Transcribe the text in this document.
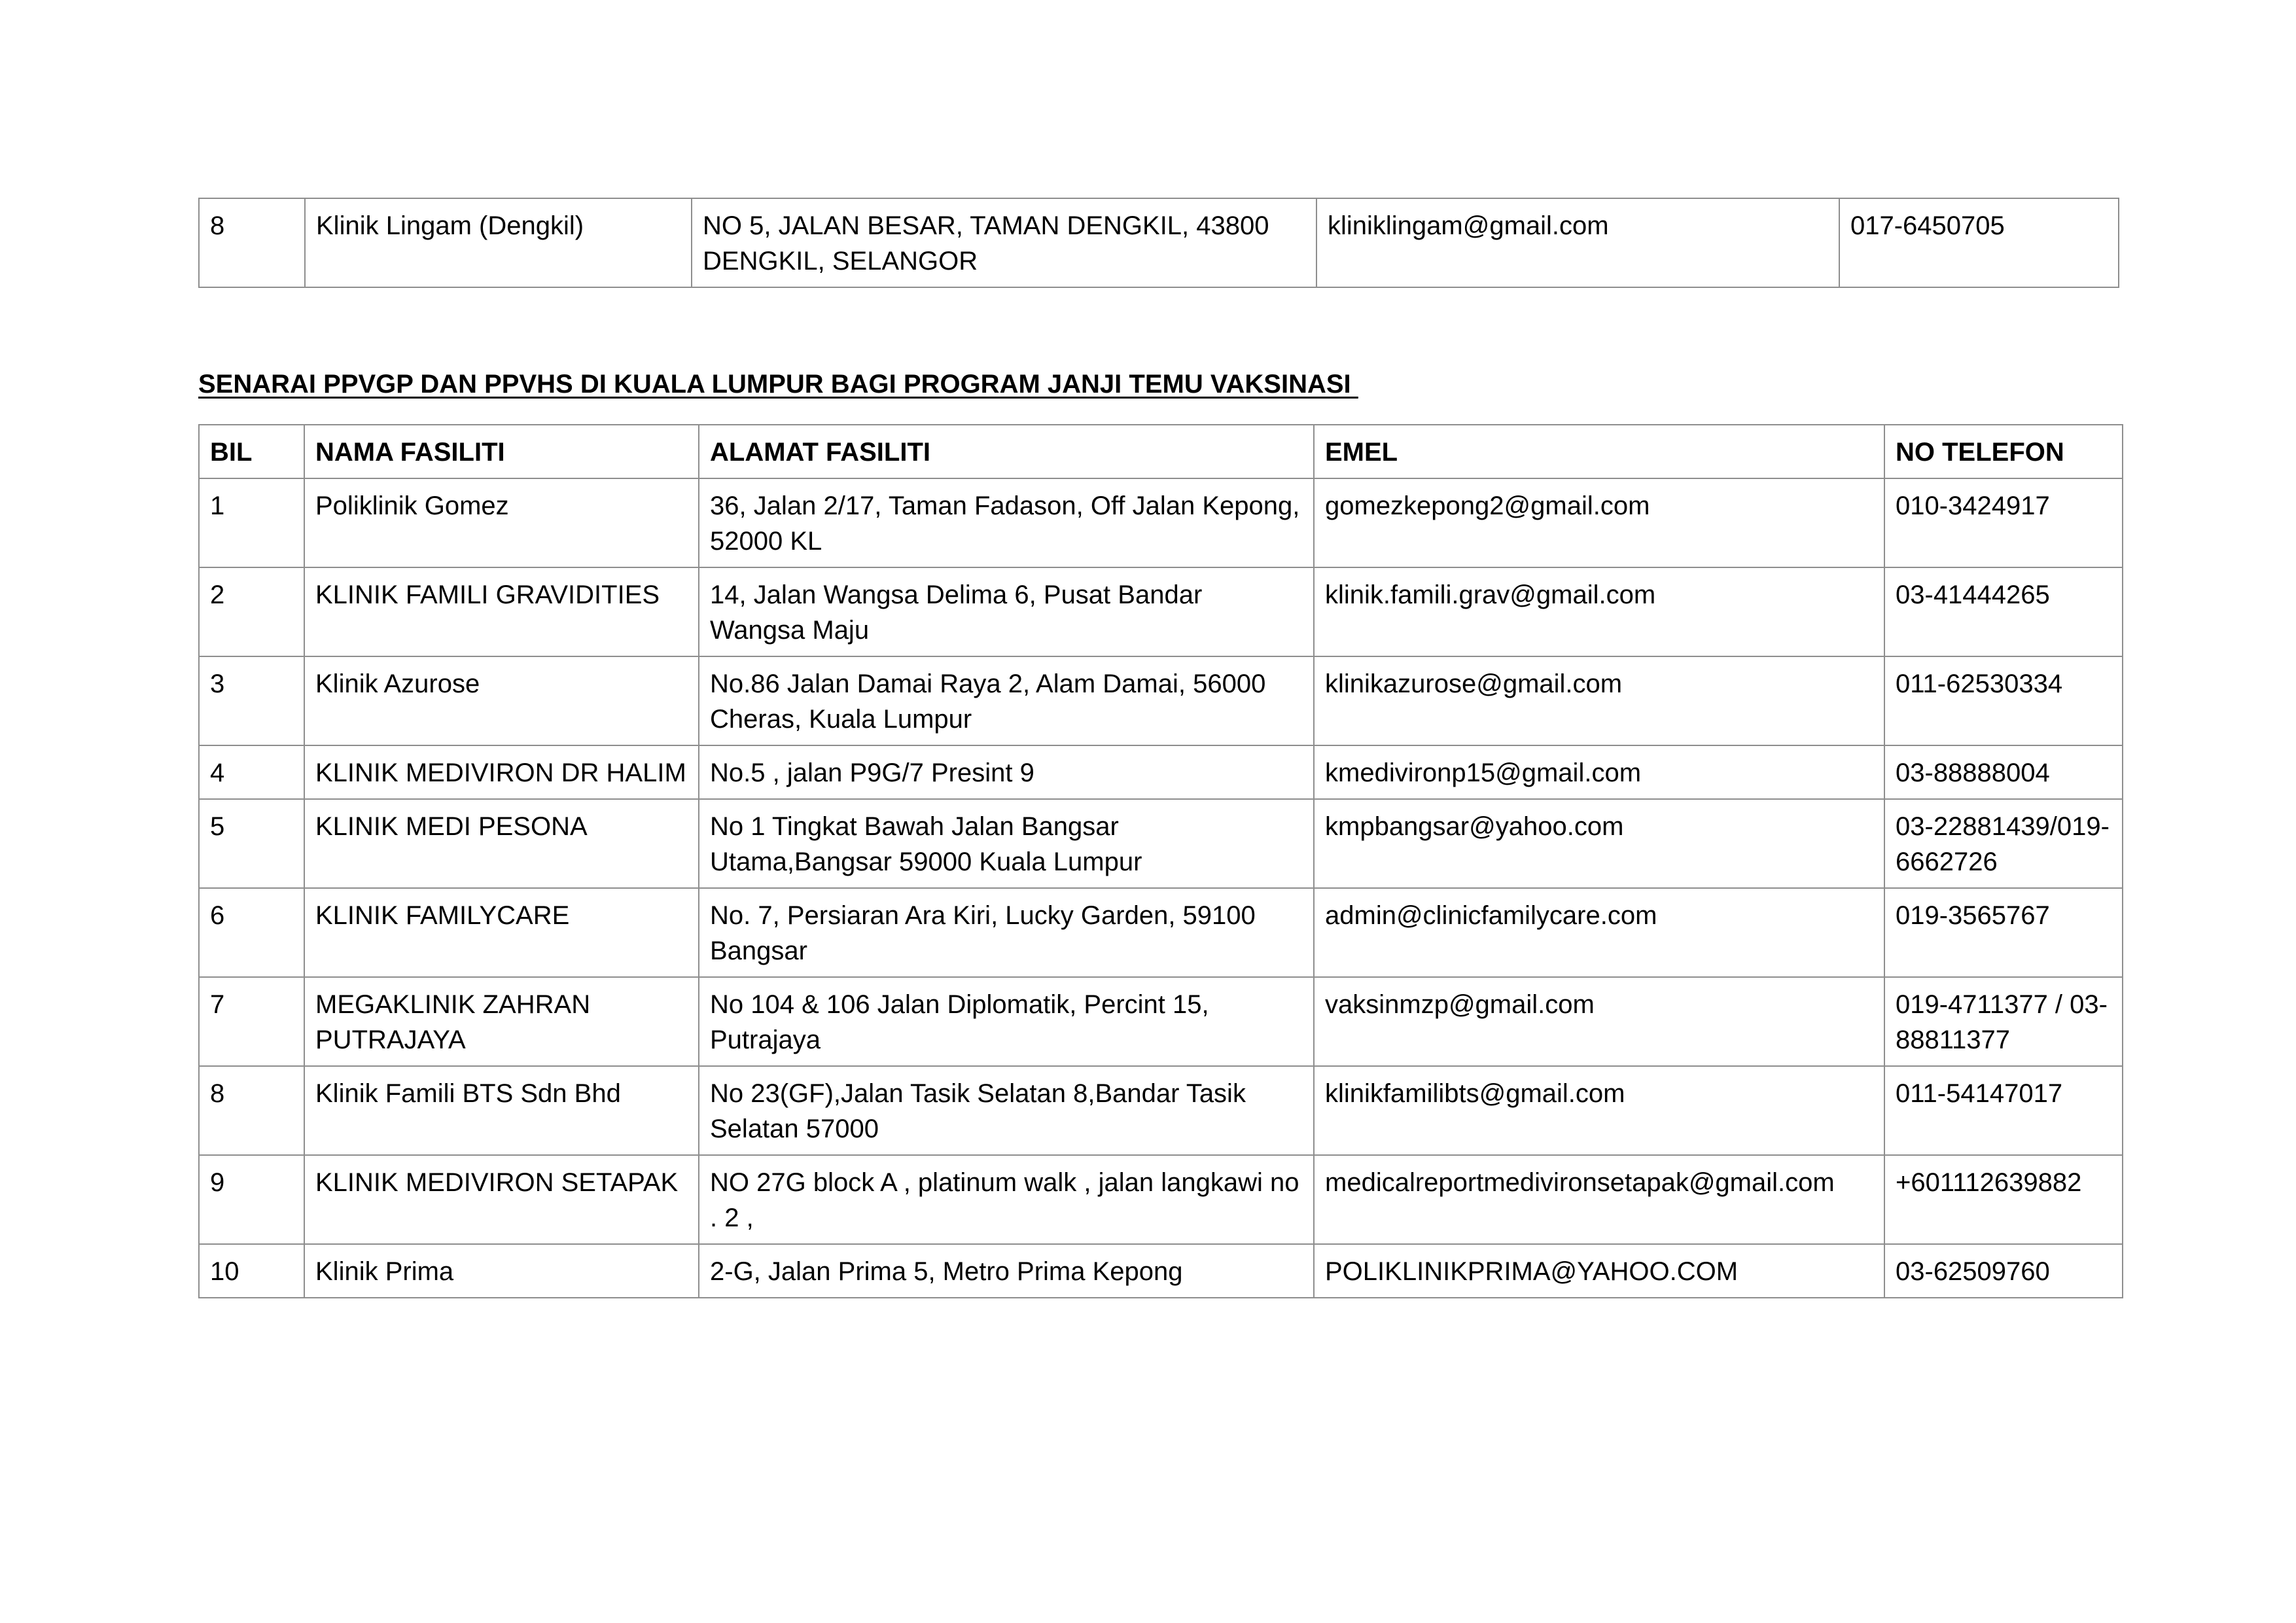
8	Klinik Lingam (Dengkil)	NO 5, JALAN BESAR, TAMAN DENGKIL, 43800 DENGKIL, SELANGOR	kliniklingam@gmail.com	017-6450705
SENARAI PPVGP DAN PPVHS DI KUALA LUMPUR BAGI PROGRAM JANJI TEMU VAKSINASI
BIL	NAMA FASILITI	ALAMAT FASILITI	EMEL	NO TELEFON
1	Poliklinik Gomez	36, Jalan 2/17, Taman Fadason, Off Jalan Kepong, 52000 KL	gomezkepong2@gmail.com	010-3424917
2	KLINIK FAMILI GRAVIDITIES	14, Jalan Wangsa Delima 6, Pusat Bandar Wangsa Maju	klinik.famili.grav@gmail.com	03-41444265
3	Klinik Azurose	No.86 Jalan Damai Raya 2, Alam Damai, 56000 Cheras, Kuala Lumpur	klinikazurose@gmail.com	011-62530334
4	KLINIK MEDIVIRON DR HALIM	No.5 , jalan P9G/7 Presint 9	kmedivironp15@gmail.com	03-88888004
5	KLINIK MEDI PESONA	No 1 Tingkat Bawah Jalan Bangsar Utama,Bangsar 59000 Kuala Lumpur	kmpbangsar@yahoo.com	03-22881439/019-6662726
6	KLINIK FAMILYCARE	No. 7, Persiaran Ara Kiri, Lucky Garden, 59100 Bangsar	admin@clinicfamilycare.com	019-3565767
7	MEGAKLINIK ZAHRAN PUTRAJAYA	No 104 & 106 Jalan Diplomatik, Percint 15, Putrajaya	vaksinmzp@gmail.com	019-4711377 / 03-88811377
8	Klinik Famili BTS Sdn Bhd	No 23(GF),Jalan Tasik Selatan 8,Bandar Tasik Selatan 57000	klinikfamilibts@gmail.com	011-54147017
9	KLINIK MEDIVIRON SETAPAK	NO 27G block A , platinum walk , jalan langkawi no . 2 ,	medicalreportmedivironsetapak@gmail.com	+601112639882
10	Klinik Prima	2-G, Jalan Prima 5, Metro Prima Kepong	POLIKLINIKPRIMA@YAHOO.COM	03-62509760
